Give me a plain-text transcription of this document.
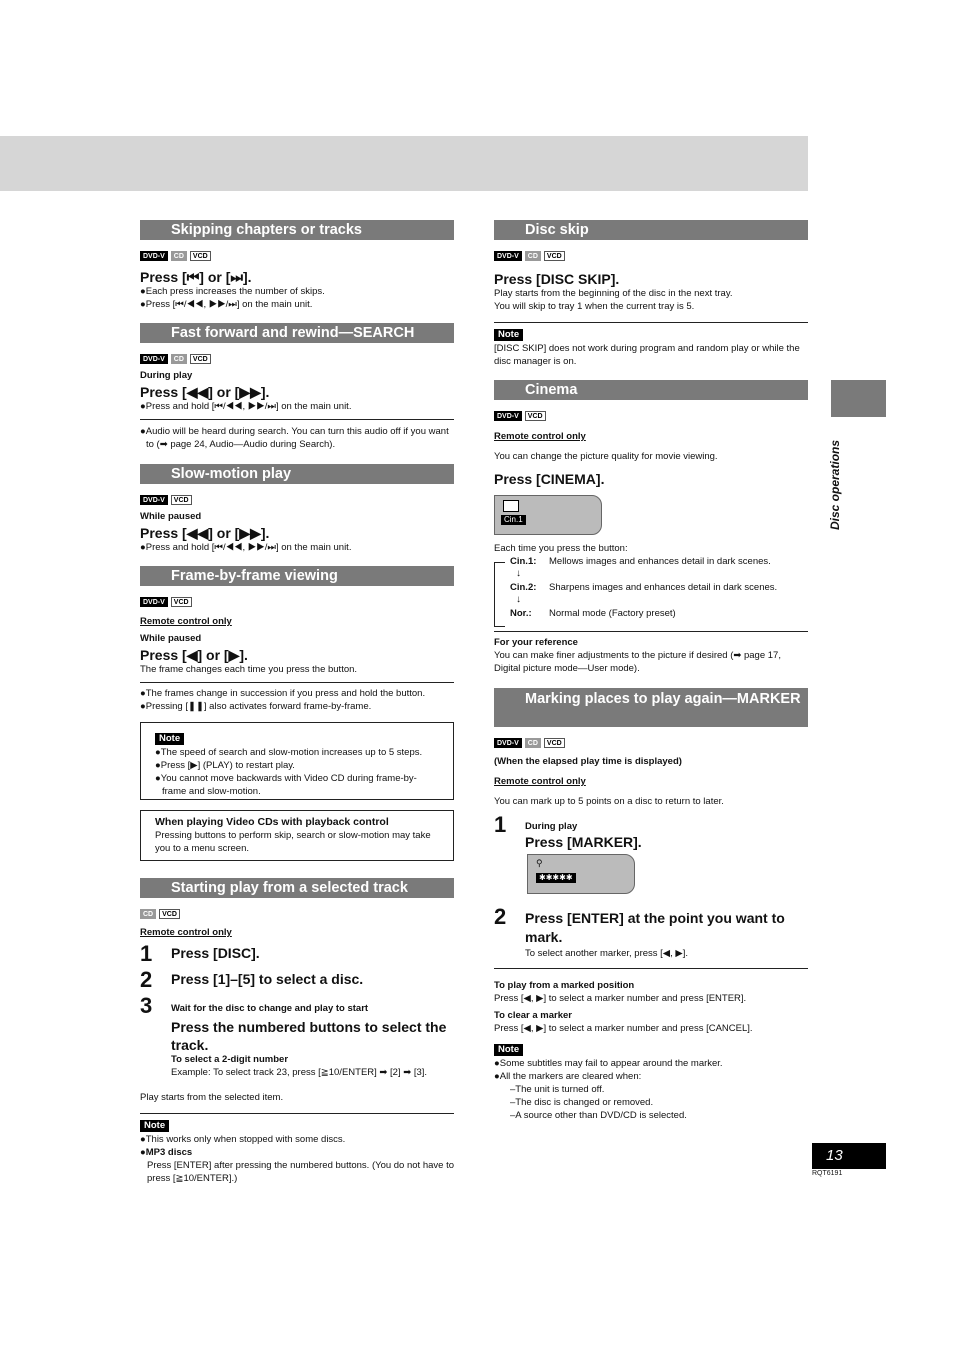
Disc operations
13
RQT6191
Skipping chapters or tracks
DVD-V	CD	VCD
Press [⏮] or [⏭].
●Each press increases the number of skips.
●Press [⏮/◀◀, ▶▶/⏭] on the main unit.
Fast forward and rewind—SEARCH
DVD-V	CD	VCD
During play
Press [◀◀] or [▶▶].
●Press and hold [⏮/◀◀, ▶▶/⏭] on the main unit.
●Audio will be heard during search. You can turn this audio off if you want to (➡ page 24, Audio—Audio during Search).
Slow-motion play
DVD-V	VCD
While paused
Press [◀◀] or [▶▶].
●Press and hold [⏮/◀◀, ▶▶/⏭] on the main unit.
Frame-by-frame viewing
DVD-V	VCD
Remote control only
While paused
Press [◀] or [▶].
The frame changes each time you press the button.
●The frames change in succession if you press and hold the button.
●Pressing [❚❚] also activates forward frame-by-frame.
Note
●The speed of search and slow-motion increases up to 5 steps.
●Press [▶] (PLAY) to restart play.
●You cannot move backwards with Video CD during frame-by-frame and slow-motion.
When playing Video CDs with playback control
Pressing buttons to perform skip, search or slow-motion may take you to a menu screen.
Starting play from a selected track
CD	VCD
Remote control only
1 Press [DISC].
2 Press [1]–[5] to select a disc.
3 Wait for the disc to change and play to start
Press the numbered buttons to select the track.
To select a 2-digit number
Example: To select track 23, press [≧10/ENTER] ➡ [2] ➡ [3].
Play starts from the selected item.
Note
●This works only when stopped with some discs.
●MP3 discs
Press [ENTER] after pressing the numbered buttons. (You do not have to press [≧10/ENTER].)
Disc skip
DVD-V	CD	VCD
Press [DISC SKIP].
Play starts from the beginning of the disc in the next tray.
You will skip to tray 1 when the current tray is 5.
Note
[DISC SKIP] does not work during program and random play or while the disc manager is on.
Cinema
DVD-V	VCD
Remote control only
You can change the picture quality for movie viewing.
Press [CINEMA].
Cin.1
Each time you press the button:
Cin.1: Mellows images and enhances detail in dark scenes.
↓
Cin.2: Sharpens images and enhances detail in dark scenes.
↓
Nor.: Normal mode (Factory preset)
For your reference
You can make finer adjustments to the picture if desired (➡ page 17, Digital picture mode—User mode).
Marking places to play again—MARKER
DVD-V	CD	VCD
(When the elapsed play time is displayed)
Remote control only
You can mark up to 5 points on a disc to return to later.
1 During play
Press [MARKER].
⚲
✱✱✱✱✱
2 Press [ENTER] at the point you want to mark.
To select another marker, press [◀, ▶].
To play from a marked position
Press [◀, ▶] to select a marker number and press [ENTER].
To clear a marker
Press [◀, ▶] to select a marker number and press [CANCEL].
Note
●Some subtitles may fail to appear around the marker.
●All the markers are cleared when:
–The unit is turned off.
–The disc is changed or removed.
–A source other than DVD/CD is selected.
